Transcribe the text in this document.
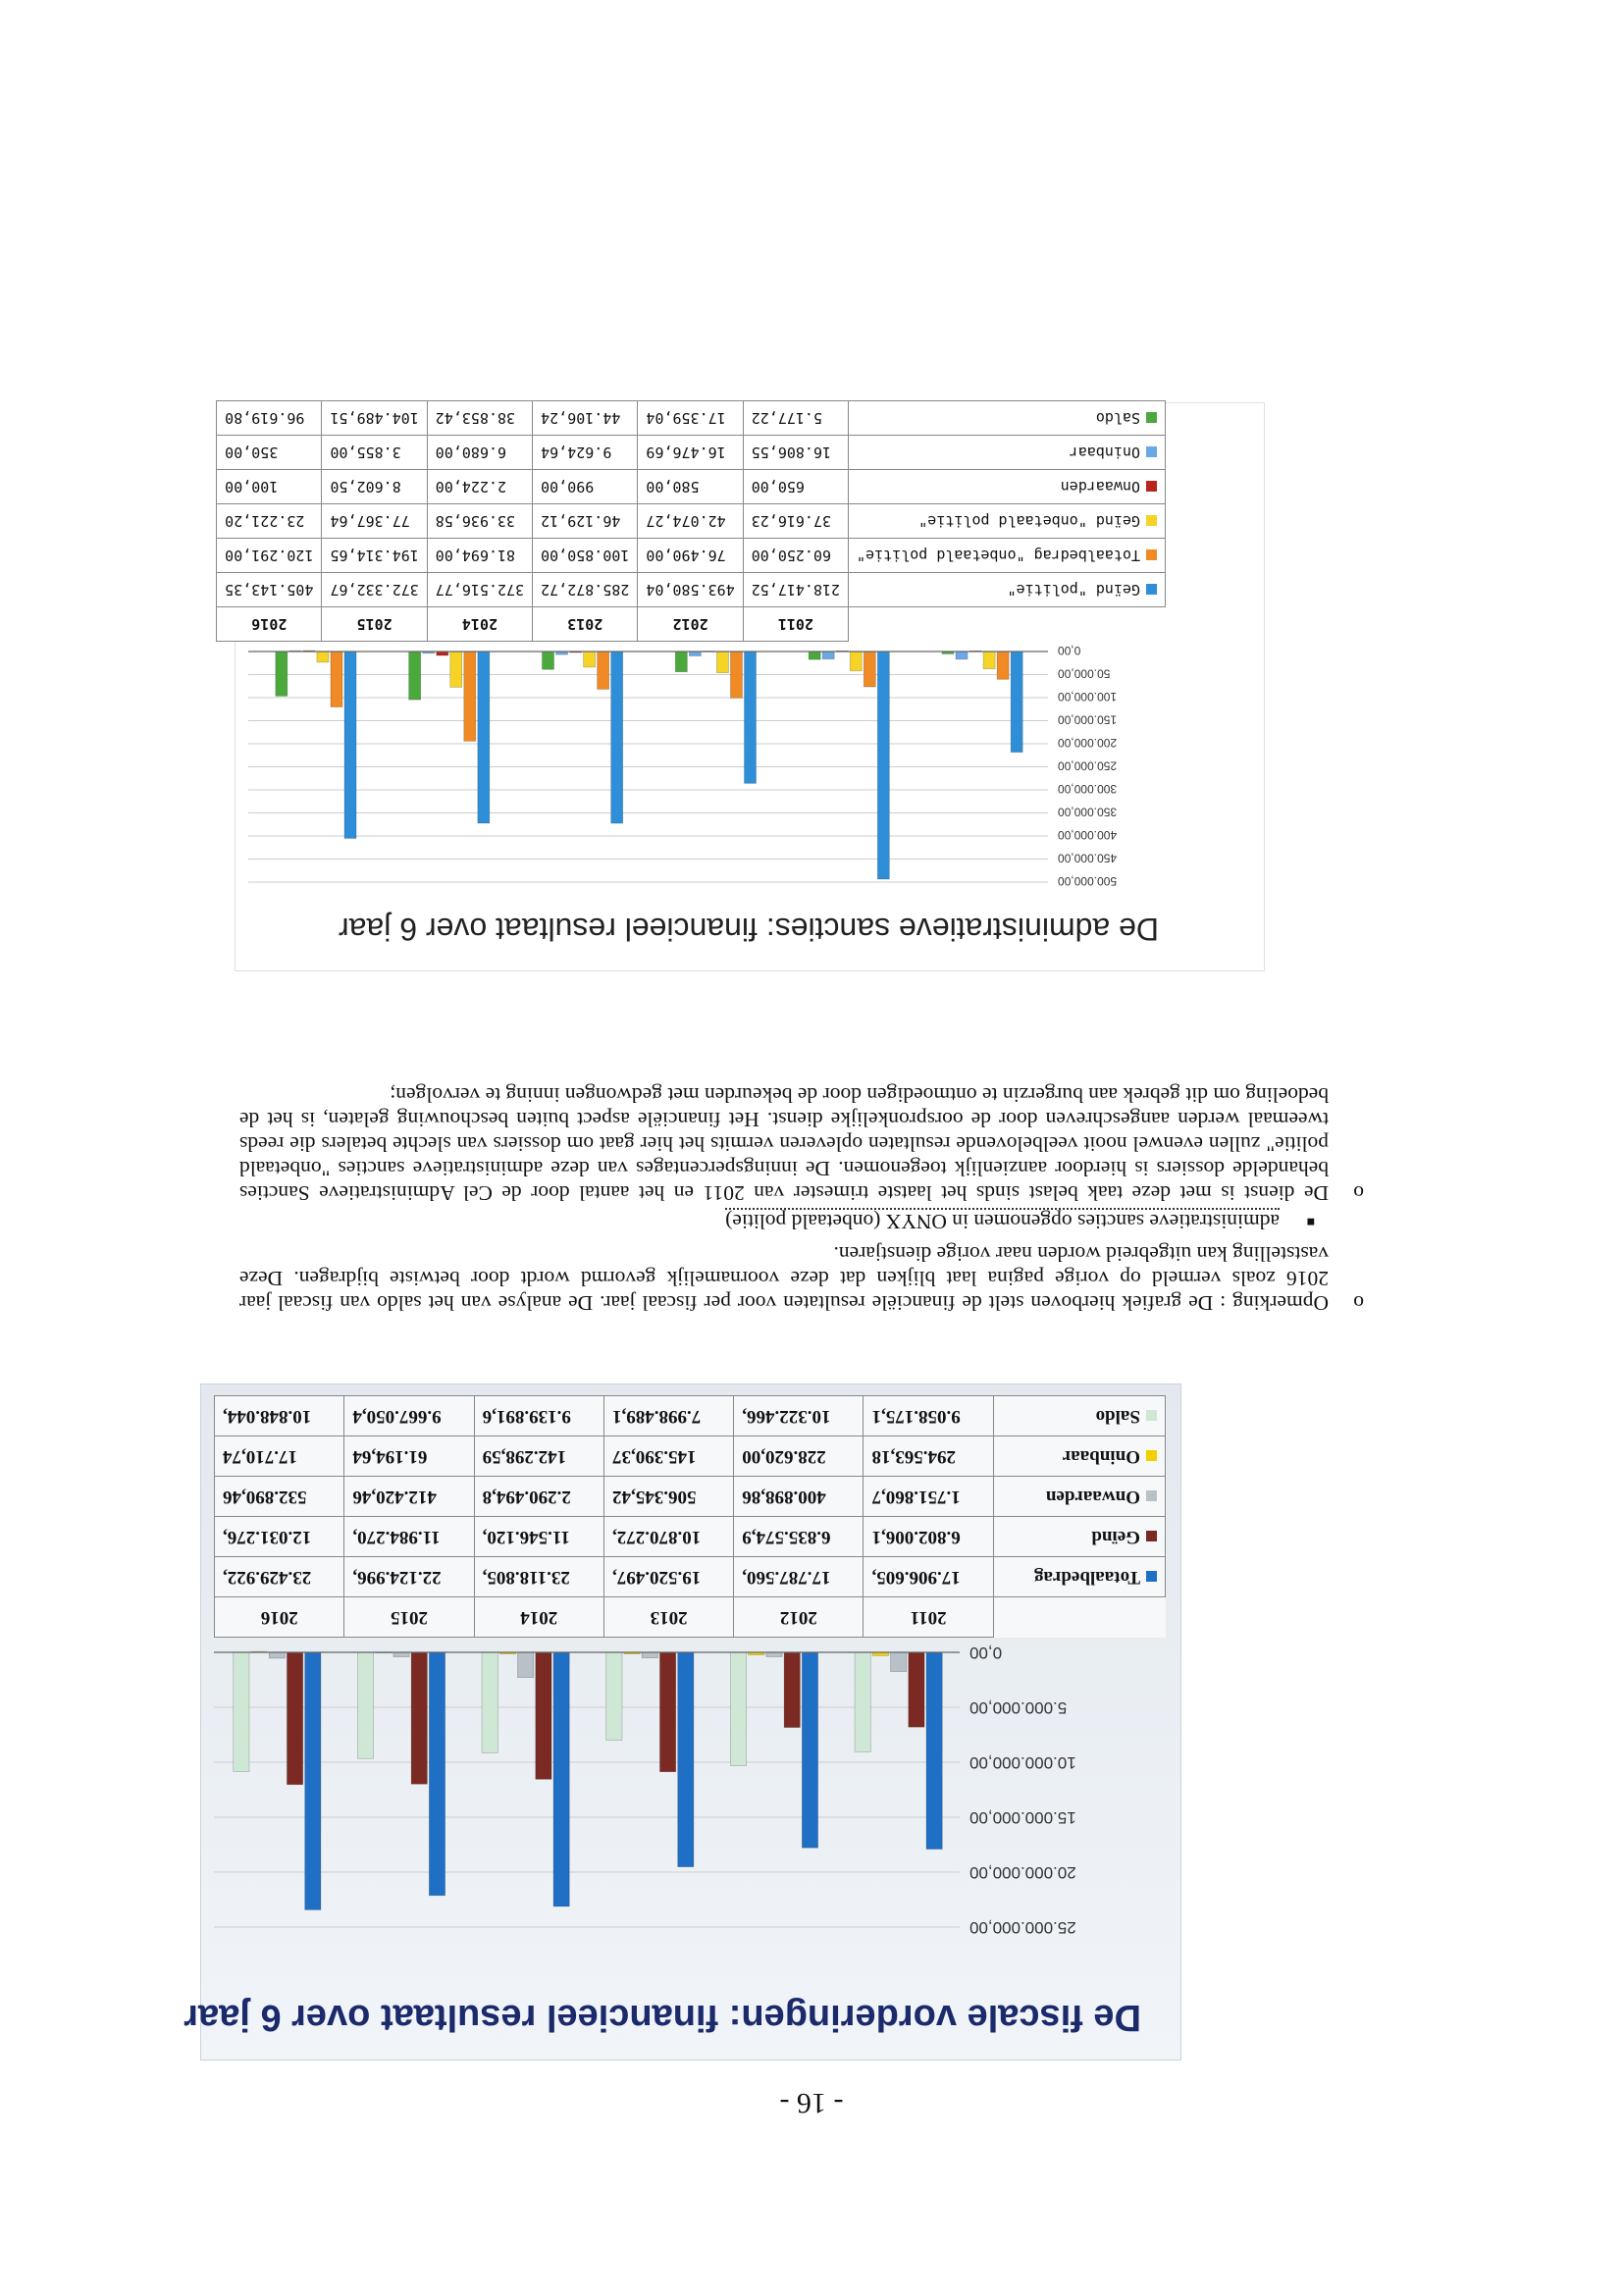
- 16 -
De fiscale vorderingen: financieel resultaat over 6 jaar
0,00
5.000.000,00
10.000.000,00
15.000.000,00
20.000.000,00
25.000.000,00
	2011	2012	2013	2014	2015	2016
Totaalbedrag	17.906.605,	17.787.560,	19.520.497,	23.118.805,	22.124.996,	23.429.922,
Geïnd	6.802.006,1	6.835.574,9	10.870.272,	11.546.120,	11.984.270,	12.031.276,
Onwaarden	1.751.860,7	400.898,86	506.345,42	2.290.494,8	412.420,46	532.890,46
Oninbaar	294.563,18	228.620,00	145.390,37	142.298,59	61.194,64	17.710,74
Saldo	9.058.175,1	10.322.466,	7.998.489,1	9.139.891,6	9.667.050,4	10.848.044,
o
Opmerking : De grafiek hierboven stelt de financiële resultaten voor per fiscaal jaar. De analyse van het saldo van fiscaal jaar 2016 zoals vermeld op vorige pagina laat blijken dat deze voornamelijk gevormd wordt door betwiste bijdragen. Deze vaststelling kan uitgebreid worden naar vorige dienstjaren.
■
administratieve sancties opgenomen in ONYX (onbetaald politie)
o
De dienst is met deze taak belast sinds het laatste trimester van 2011 en het aantal door de Cel Administratieve Sancties behandelde dossiers is hierdoor aanzienlijk toegenomen. De inningspercentages van deze administratieve sancties "onbetaald politie" zullen evenwel nooit veelbelovende resultaten opleveren vermits het hier gaat om dossiers van slechte betalers die reeds tweemaal werden aangeschreven door de oorspronkelijke dienst. Het financiële aspect buiten beschouwing gelaten, is het de bedoeling om dit gebrek aan burgerzin te ontmoedigen door de bekeurden met gedwongen inning te vervolgen;
De administratieve sancties: financieel resultaat over 6 jaar
0,00
50.000,00
100.000,00
150.000,00
200.000,00
250.000,00
300.000,00
350.000,00
400.000,00
450.000,00
500.000,00
	2011	2012	2013	2014	2015	2016
Geïnd "politie"	218.417,52	493.580,04	285.872,72	372.516,77	372.332,67	405.143,35
Totaalbedrag "onbetaald politie"	60.250,00	76.490,00	100.850,00	81.694,00	194.314,65	120.291,00
Geïnd "onbetaald politie"	37.616,23	42.074,27	46.129,12	33.936,58	77.367,64	23.221,20
Onwaarden	650,00	580,00	990,00	2.224,00	8.602,50	100,00
Oninbaar	16.806,55	16.476,69	9.624,64	6.680,00	3.855,00	350,00
Saldo	5.177,22	17.359,04	44.106,24	38.853,42	104.489,51	96.619,80
